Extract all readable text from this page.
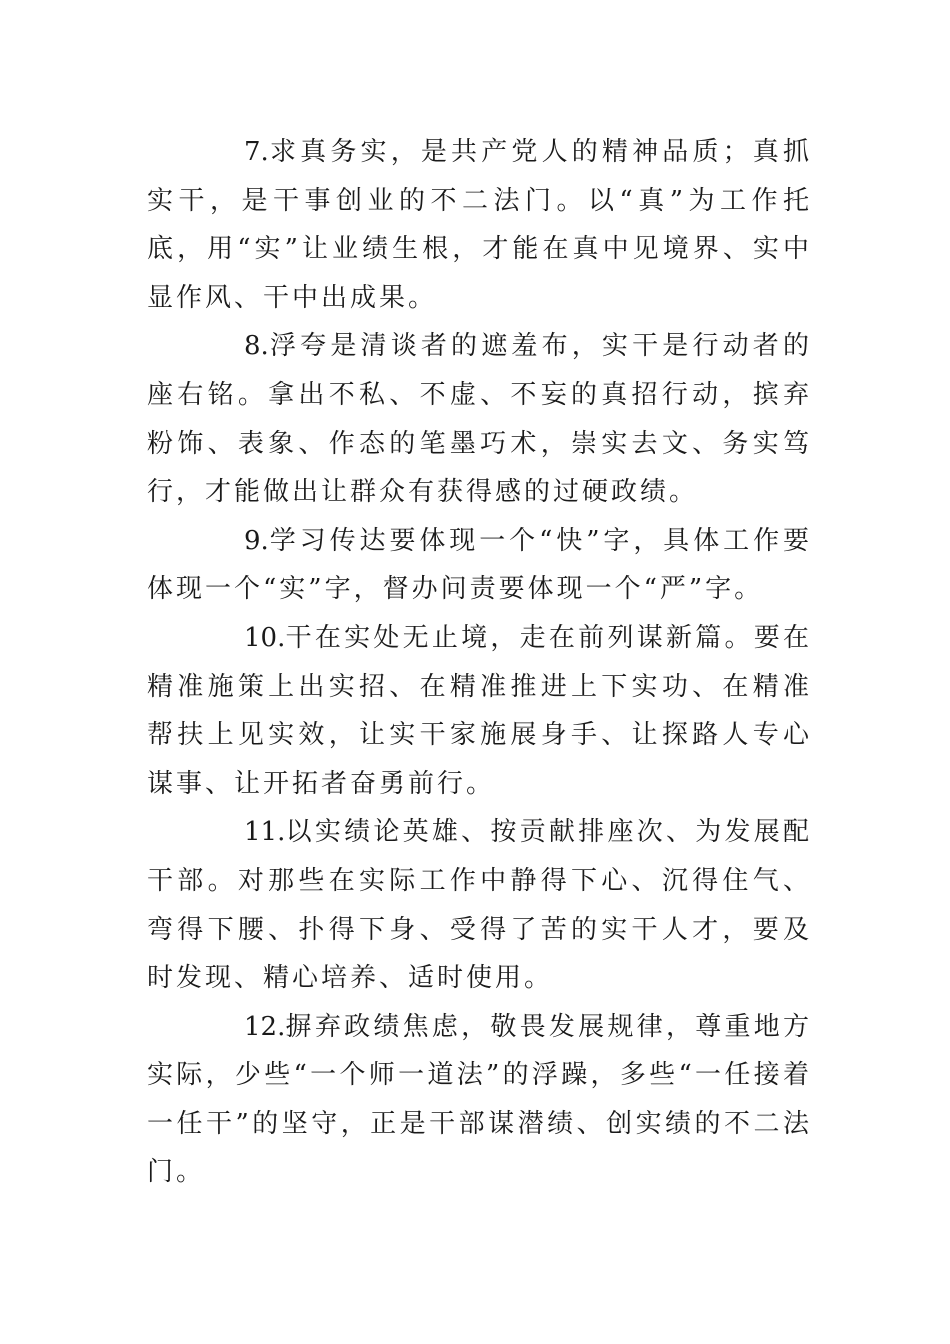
7.求真务实，是共产党人的精神品质；真抓实干，是干事创业的不二法门。以“真”为工作托底，用“实”让业绩生根，才能在真中见境界、实中显作风、干中出成果。

8.浮夸是清谈者的遮羞布，实干是行动者的座右铭。拿出不私、不虚、不妄的真招行动，摈弃粉饰、表象、作态的笔墨巧术，崇实去文、务实笃行，才能做出让群众有获得感的过硬政绩。

9.学习传达要体现一个“快”字，具体工作要体现一个“实”字，督办问责要体现一个“严”字。

10.干在实处无止境，走在前列谋新篇。要在精准施策上出实招、在精准推进上下实功、在精准帮扶上见实效，让实干家施展身手、让探路人专心谋事、让开拓者奋勇前行。

11.以实绩论英雄、按贡献排座次、为发展配干部。对那些在实际工作中静得下心、沉得住气、弯得下腰、扑得下身、受得了苦的实干人才，要及时发现、精心培养、适时使用。

12.摒弃政绩焦虑，敬畏发展规律，尊重地方实际，少些“一个师一道法”的浮躁，多些“一任接着一任干”的坚守，正是干部谋潜绩、创实绩的不二法门。
